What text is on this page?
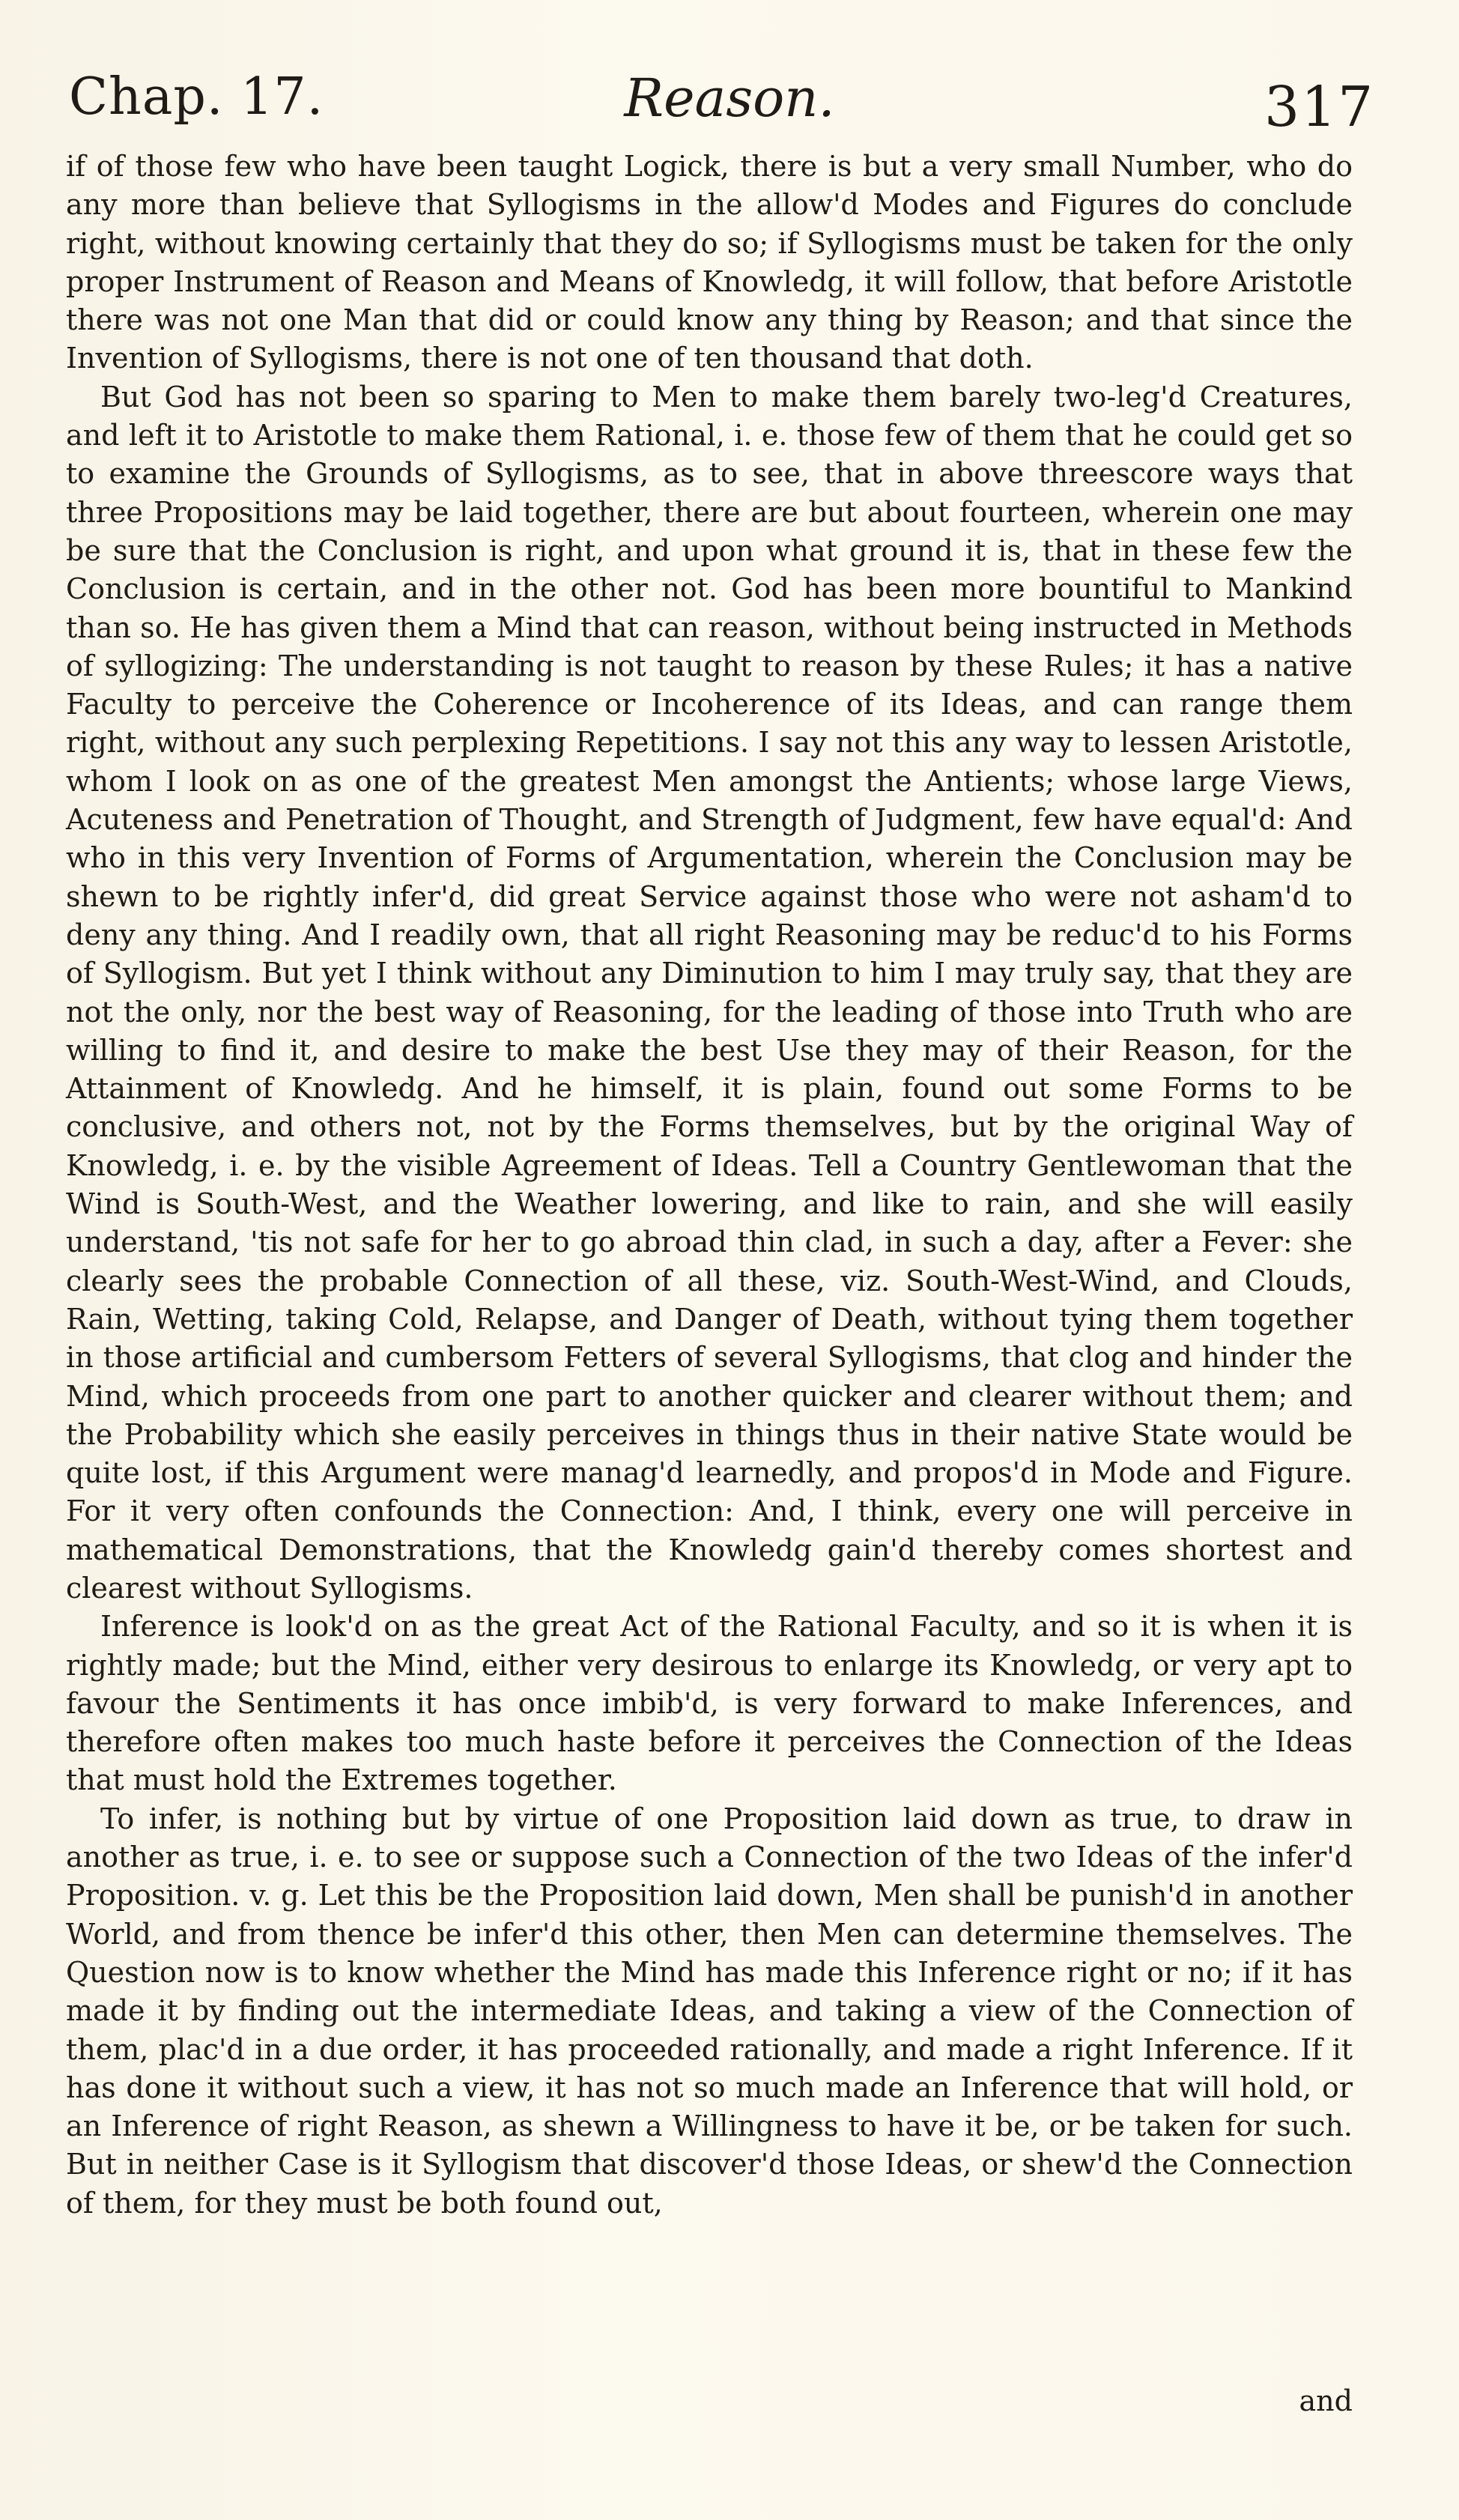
Reason.
Chap. 17.	317

if of those few who have been taught Logick, there is but a very small Number, who do any more than believe that Syllogisms in the allow'd Modes and Figures do conclude right, without knowing certainly that they do so; if Syllogisms must be taken for the only proper Instrument of Reason and Means of Knowledg, it will follow, that before Aristotle there was not one Man that did or could know any thing by Reason; and that since the Invention of Syllogisms, there is not one of ten thousand that doth.

But God has not been so sparing to Men to make them barely two-leg'd Creatures, and left it to Aristotle to make them Rational, i. e. those few of them that he could get so to examine the Grounds of Syllogisms, as to see, that in above threescore ways that three Propositions may be laid together, there are but about fourteen, wherein one may be sure that the Conclusion is right, and upon what ground it is, that in these few the Conclusion is certain, and in the other not. God has been more bountiful to Mankind than so. He has given them a Mind that can reason, without being instructed in Methods of syllogizing: The understanding is not taught to reason by these Rules; it has a native Faculty to perceive the Coherence or Incoherence of its Ideas, and can range them right, without any such perplexing Repetitions. I say not this any way to lessen Aristotle, whom I look on as one of the greatest Men amongst the Antients; whose large Views, Acuteness and Penetration of Thought, and Strength of Judgment, few have equal'd: And who in this very Invention of Forms of Argumentation, wherein the Conclusion may be shewn to be rightly infer'd, did great Service against those who were not asham'd to deny any thing. And I readily own, that all right Reasoning may be reduc'd to his Forms of Syllogism. But yet I think without any Diminution to him I may truly say, that they are not the only, nor the best way of Reasoning, for the leading of those into Truth who are willing to find it, and desire to make the best Use they may of their Reason, for the Attainment of Knowledg. And he himself, it is plain, found out some Forms to be conclusive, and others not, not by the Forms themselves, but by the original Way of Knowledg, i. e. by the visible Agreement of Ideas. Tell a Country Gentlewoman that the Wind is South-West, and the Weather lowering, and like to rain, and she will easily understand, 'tis not safe for her to go abroad thin clad, in such a day, after a Fever: she clearly sees the probable Connection of all these, viz. South-West-Wind, and Clouds, Rain, Wetting, taking Cold, Relapse, and Danger of Death, without tying them together in those artificial and cumbersom Fetters of several Syllogisms, that clog and hinder the Mind, which proceeds from one part to another quicker and clearer without them; and the Probability which she easily perceives in things thus in their native State would be quite lost, if this Argument were manag'd learnedly, and propos'd in Mode and Figure. For it very often confounds the Connection: And, I think, every one will perceive in mathematical Demonstrations, that the Knowledg gain'd thereby comes shortest and clearest without Syllogisms.

Inference is look'd on as the great Act of the Rational Faculty, and so it is when it is rightly made; but the Mind, either very desirous to enlarge its Knowledg, or very apt to favour the Sentiments it has once imbib'd, is very forward to make Inferences, and therefore often makes too much haste before it perceives the Connection of the Ideas that must hold the Extremes together.

To infer, is nothing but by virtue of one Proposition laid down as true, to draw in another as true, i. e. to see or suppose such a Connection of the two Ideas of the infer'd Proposition. v. g. Let this be the Proposition laid down, Men shall be punish'd in another World, and from thence be infer'd this other, then Men can determine themselves. The Question now is to know whether the Mind has made this Inference right or no; if it has made it by finding out the intermediate Ideas, and taking a view of the Connection of them, plac'd in a due order, it has proceeded rationally, and made a right Inference. If it has done it without such a view, it has not so much made an Inference that will hold, or an Inference of right Reason, as shewn a Willingness to have it be, or be taken for such. But in neither Case is it Syllogism that discover'd those Ideas, or shew'd the Connection of them, for they must be both found out,

and
